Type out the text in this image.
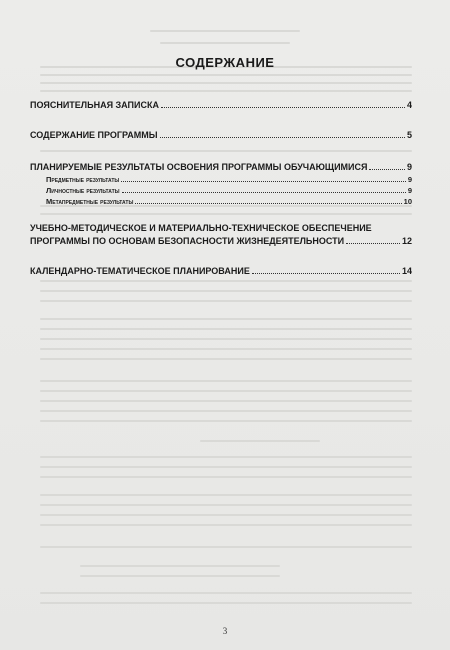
СОДЕРЖАНИЕ
ПОЯСНИТЕЛЬНАЯ ЗАПИСКА	4
СОДЕРЖАНИЕ ПРОГРАММЫ	5
ПЛАНИРУЕМЫЕ РЕЗУЛЬТАТЫ ОСВОЕНИЯ ПРОГРАММЫ ОБУЧАЮЩИМИСЯ	9
Предметные результаты	9
Личностные результаты	9
Метапредметные результаты	10
УЧЕБНО-МЕТОДИЧЕСКОЕ И МАТЕРИАЛЬНО-ТЕХНИЧЕСКОЕ ОБЕСПЕЧЕНИЕ
ПРОГРАММЫ ПО ОСНОВАМ БЕЗОПАСНОСТИ ЖИЗНЕДЕЯТЕЛЬНОСТИ	12
КАЛЕНДАРНО-ТЕМАТИЧЕСКОЕ ПЛАНИРОВАНИЕ	14
3
